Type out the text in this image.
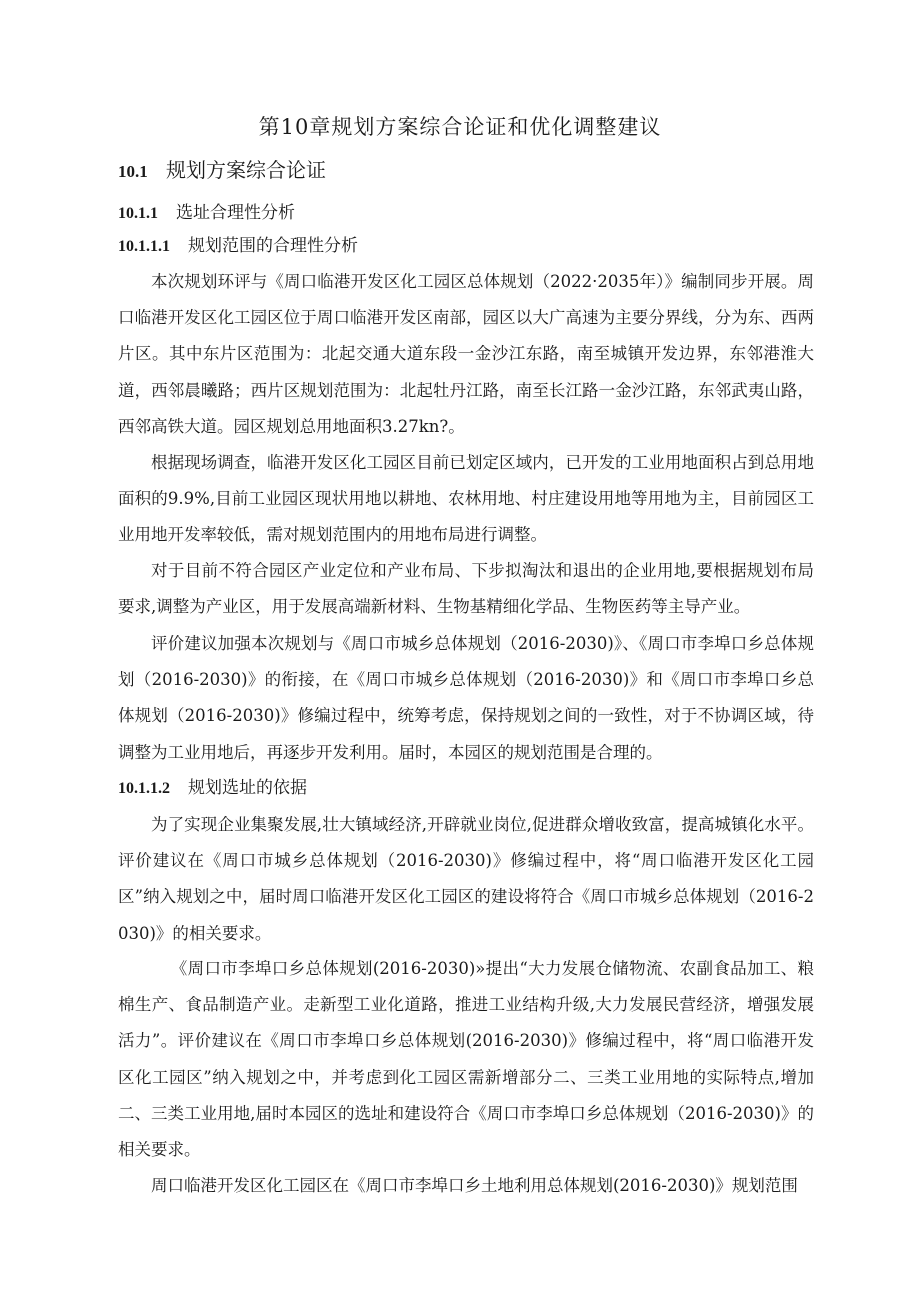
第10章规划方案综合论证和优化调整建议
10.1 规划方案综合论证
10.1.1 选址合理性分析
10.1.1.1 规划范围的合理性分析
本次规划环评与《周口临港开发区化工园区总体规划（2022·2035年）》编制同步开展。周口临港开发区化工园区位于周口临港开发区南部，园区以大广高速为主要分界线，分为东、西两片区。其中东片区范围为：北起交通大道东段一金沙江东路，南至城镇开发边界，东邻港淮大道，西邻晨曦路；西片区规划范围为：北起牡丹江路，南至长江路一金沙江路，东邻武夷山路，西邻高铁大道。园区规划总用地面积3.27kn?。
根据现场调查，临港开发区化工园区目前已划定区域内，已开发的工业用地面积占到总用地面积的9.9%,目前工业园区现状用地以耕地、农林用地、村庄建设用地等用地为主，目前园区工业用地开发率较低，需对规划范围内的用地布局进行调整。
对于目前不符合园区产业定位和产业布局、下步拟淘汰和退出的企业用地,要根据规划布局要求,调整为产业区，用于发展高端新材料、生物基精细化学品、生物医药等主导产业。
评价建议加强本次规划与《周口市城乡总体规划（2016-2030)》、《周口市李埠口乡总体规划（2016-2030)》的衔接，在《周口市城乡总体规划（2016-2030)》和《周口市李埠口乡总体规划（2016-2030)》修编过程中，统筹考虑，保持规划之间的一致性，对于不协调区域，待调整为工业用地后，再逐步开发利用。届时，本园区的规划范围是合理的。
10.1.1.2 规划选址的依据
为了实现企业集聚发展,壮大镇域经济,开辟就业岗位,促进群众增收致富，提高城镇化水平。评价建议在《周口市城乡总体规划（2016-2030)》修编过程中，将“周口临港开发区化工园区”纳入规划之中，届时周口临港开发区化工园区的建设将符合《周口市城乡总体规划（2016-2030)》的相关要求。
《周口市李埠口乡总体规划(2016-2030)»提出“大力发展仓储物流、农副食品加工、粮棉生产、食品制造产业。走新型工业化道路，推进工业结构升级,大力发展民营经济，增强发展活力”。评价建议在《周口市李埠口乡总体规划(2016-2030)》修编过程中，将“周口临港开发区化工园区”纳入规划之中，并考虑到化工园区需新增部分二、三类工业用地的实际特点,增加二、三类工业用地,届时本园区的选址和建设符合《周口市李埠口乡总体规划（2016-2030)》的相关要求。
周口临港开发区化工园区在《周口市李埠口乡土地利用总体规划(2016-2030)》规划范围
